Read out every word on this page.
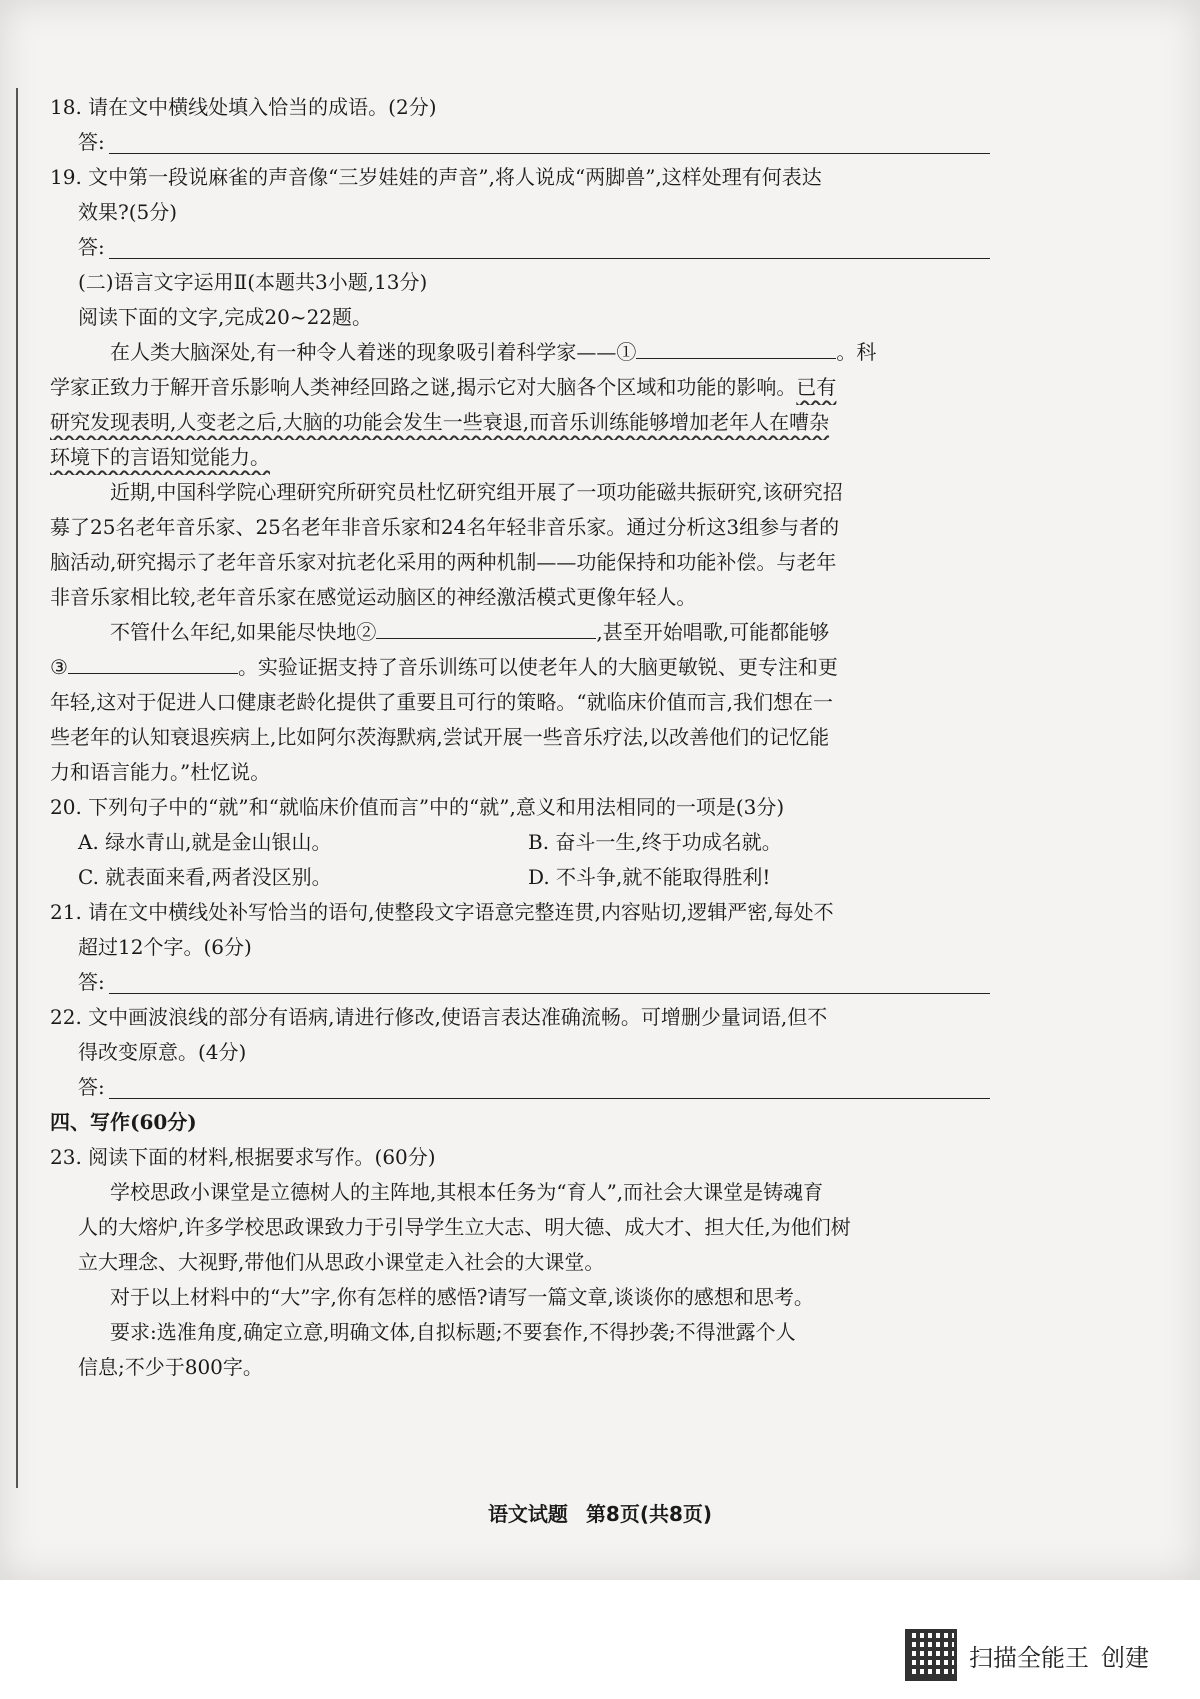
18. 请在文中横线处填入恰当的成语。(2分)
答:
19. 文中第一段说麻雀的声音像“三岁娃娃的声音”,将人说成“两脚兽”,这样处理有何表达
效果?(5分)
答:
(二)语言文字运用Ⅱ(本题共3小题,13分)
阅读下面的文字,完成20~22题。
在人类大脑深处,有一种令人着迷的现象吸引着科学家——①	。科
学家正致力于解开音乐影响人类神经回路之谜,揭示它对大脑各个区域和功能的影响。已有
研究发现表明,人变老之后,大脑的功能会发生一些衰退,而音乐训练能够增加老年人在嘈杂
环境下的言语知觉能力。
近期,中国科学院心理研究所研究员杜忆研究组开展了一项功能磁共振研究,该研究招
募了25名老年音乐家、25名老年非音乐家和24名年轻非音乐家。通过分析这3组参与者的
脑活动,研究揭示了老年音乐家对抗老化采用的两种机制——功能保持和功能补偿。与老年
非音乐家相比较,老年音乐家在感觉运动脑区的神经激活模式更像年轻人。
不管什么年纪,如果能尽快地②	,甚至开始唱歌,可能都能够
③	。实验证据支持了音乐训练可以使老年人的大脑更敏锐、更专注和更
年轻,这对于促进人口健康老龄化提供了重要且可行的策略。“就临床价值而言,我们想在一
些老年的认知衰退疾病上,比如阿尔茨海默病,尝试开展一些音乐疗法,以改善他们的记忆能
力和语言能力。”杜忆说。
20. 下列句子中的“就”和“就临床价值而言”中的“就”,意义和用法相同的一项是(3分)
A. 绿水青山,就是金山银山。	B. 奋斗一生,终于功成名就。
C. 就表面来看,两者没区别。	D. 不斗争,就不能取得胜利!
21. 请在文中横线处补写恰当的语句,使整段文字语意完整连贯,内容贴切,逻辑严密,每处不
超过12个字。(6分)
答:
22. 文中画波浪线的部分有语病,请进行修改,使语言表达准确流畅。可增删少量词语,但不
得改变原意。(4分)
答:
四、写作(60分)
23. 阅读下面的材料,根据要求写作。(60分)
学校思政小课堂是立德树人的主阵地,其根本任务为“育人”,而社会大课堂是铸魂育
人的大熔炉,许多学校思政课致力于引导学生立大志、明大德、成大才、担大任,为他们树
立大理念、大视野,带他们从思政小课堂走入社会的大课堂。
对于以上材料中的“大”字,你有怎样的感悟?请写一篇文章,谈谈你的感想和思考。
要求:选准角度,确定立意,明确文体,自拟标题;不要套作,不得抄袭;不得泄露个人
信息;不少于800字。
语文试题 第8页(共8页)
扫描全能王 创建
